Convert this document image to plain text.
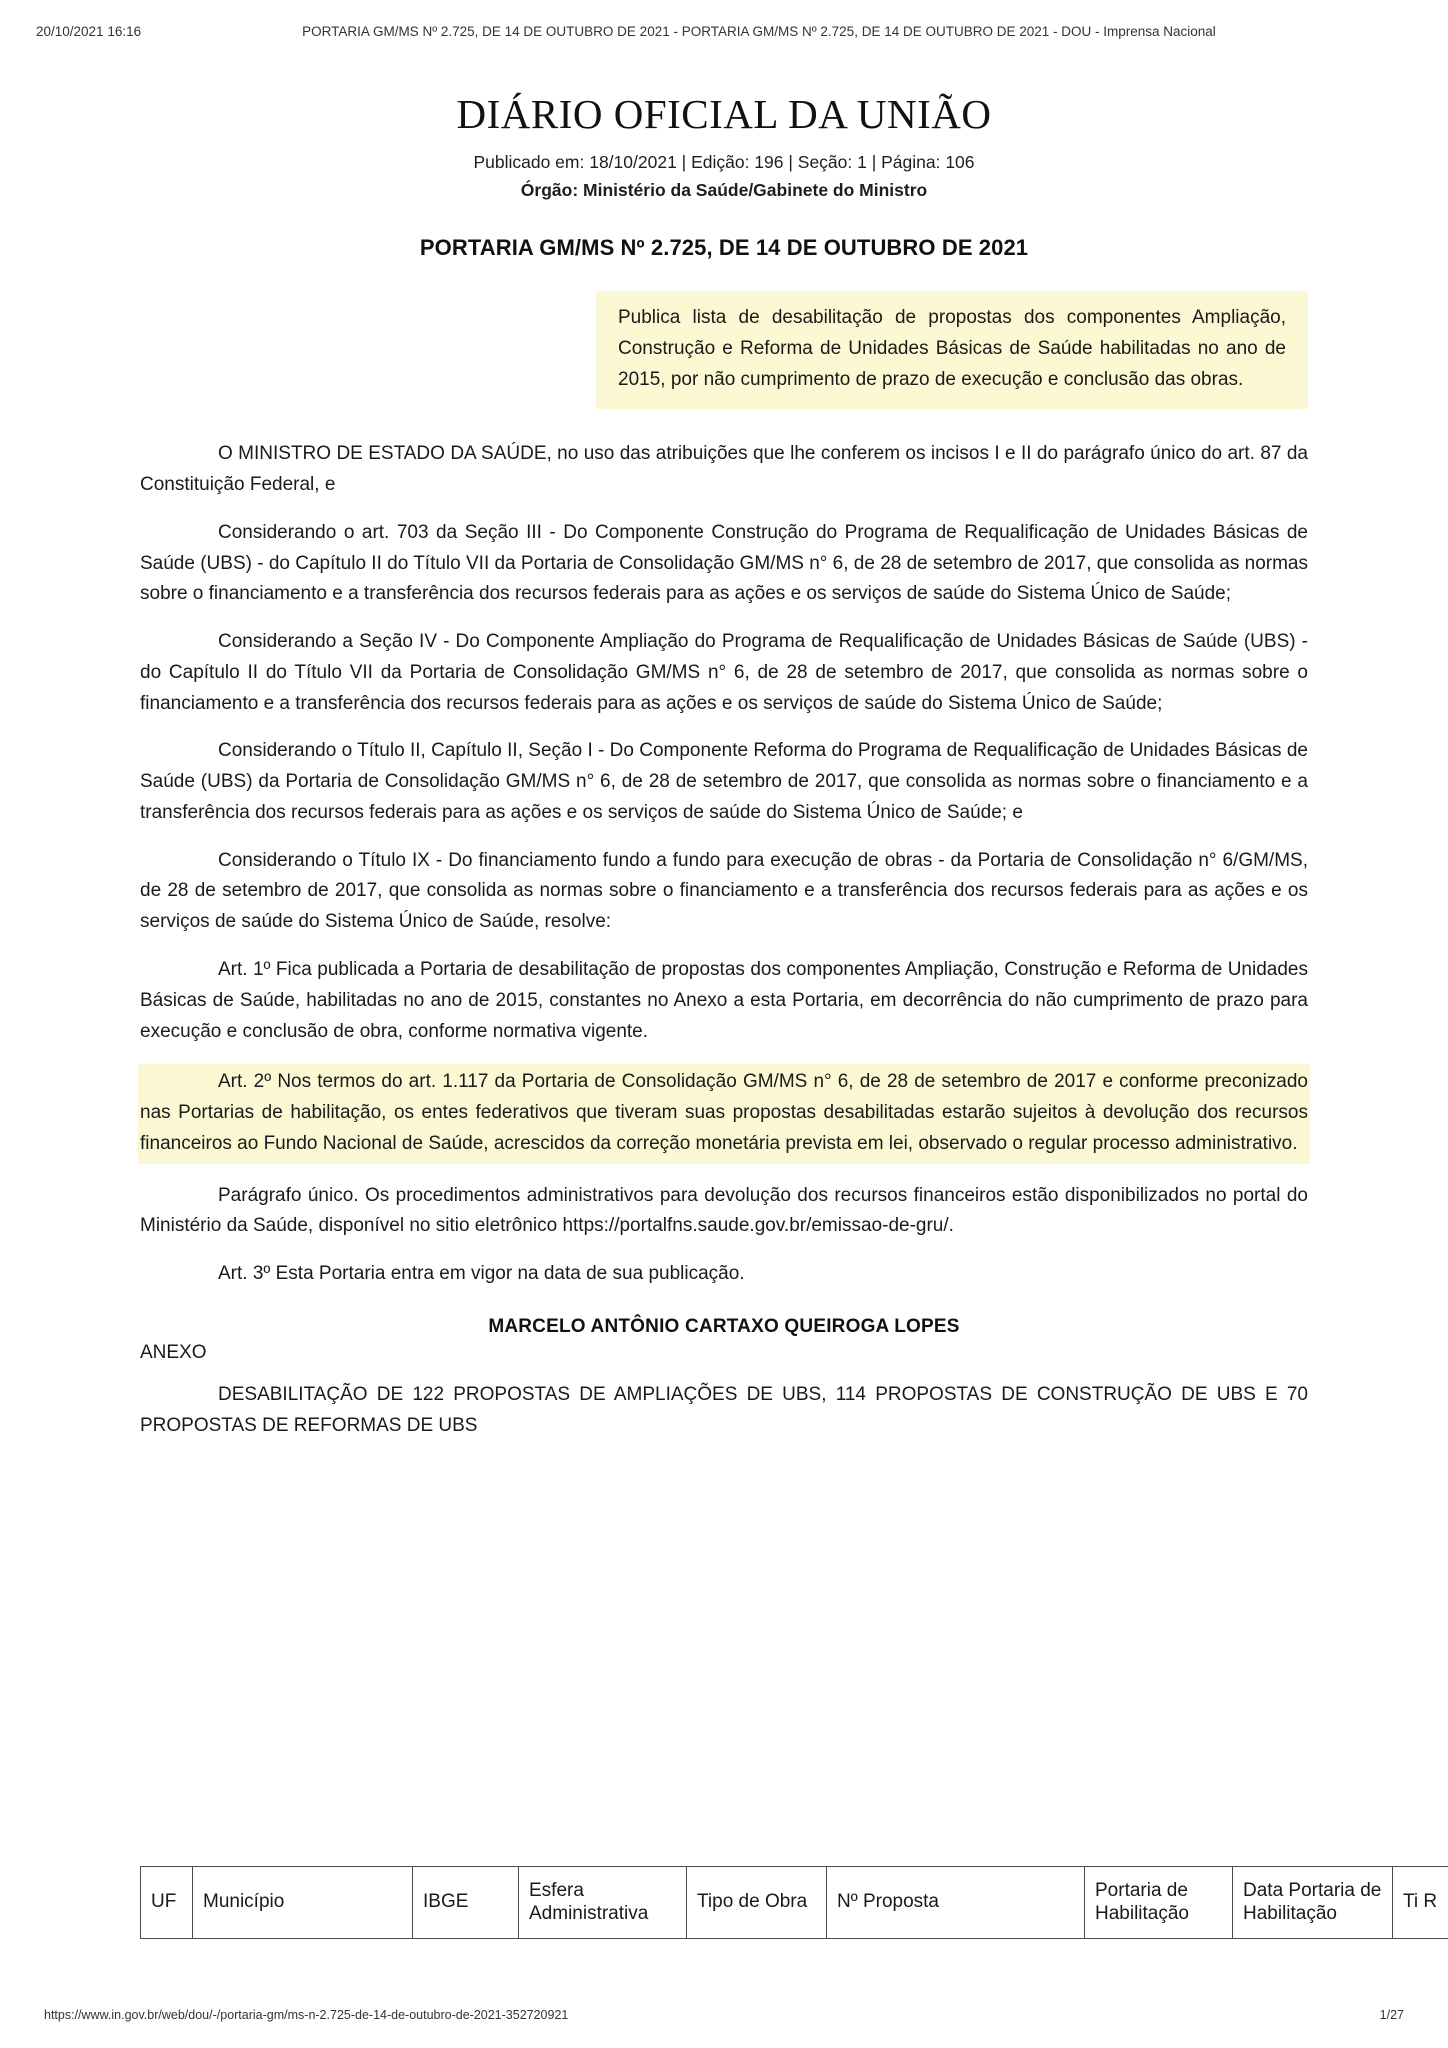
20/10/2021 16:16	PORTARIA GM/MS Nº 2.725, DE 14 DE OUTUBRO DE 2021 - PORTARIA GM/MS Nº 2.725, DE 14 DE OUTUBRO DE 2021 - DOU - Imprensa Nacional
DIÁRIO OFICIAL DA UNIÃO
Publicado em: 18/10/2021 | Edição: 196 | Seção: 1 | Página: 106
Órgão: Ministério da Saúde/Gabinete do Ministro
PORTARIA GM/MS Nº 2.725, DE 14 DE OUTUBRO DE 2021
Publica lista de desabilitação de propostas dos componentes Ampliação, Construção e Reforma de Unidades Básicas de Saúde habilitadas no ano de 2015, por não cumprimento de prazo de execução e conclusão das obras.

O MINISTRO DE ESTADO DA SAÚDE, no uso das atribuições que lhe conferem os incisos I e II do parágrafo único do art. 87 da Constituição Federal, e

Considerando o art. 703 da Seção III - Do Componente Construção do Programa de Requalificação de Unidades Básicas de Saúde (UBS) - do Capítulo II do Título VII da Portaria de Consolidação GM/MS n° 6, de 28 de setembro de 2017, que consolida as normas sobre o financiamento e a transferência dos recursos federais para as ações e os serviços de saúde do Sistema Único de Saúde;

Considerando a Seção IV - Do Componente Ampliação do Programa de Requalificação de Unidades Básicas de Saúde (UBS) - do Capítulo II do Título VII da Portaria de Consolidação GM/MS n° 6, de 28 de setembro de 2017, que consolida as normas sobre o financiamento e a transferência dos recursos federais para as ações e os serviços de saúde do Sistema Único de Saúde;

Considerando o Título II, Capítulo II, Seção I - Do Componente Reforma do Programa de Requalificação de Unidades Básicas de Saúde (UBS) da Portaria de Consolidação GM/MS n° 6, de 28 de setembro de 2017, que consolida as normas sobre o financiamento e a transferência dos recursos federais para as ações e os serviços de saúde do Sistema Único de Saúde; e

Considerando o Título IX - Do financiamento fundo a fundo para execução de obras - da Portaria de Consolidação n° 6/GM/MS, de 28 de setembro de 2017, que consolida as normas sobre o financiamento e a transferência dos recursos federais para as ações e os serviços de saúde do Sistema Único de Saúde, resolve:

Art. 1º Fica publicada a Portaria de desabilitação de propostas dos componentes Ampliação, Construção e Reforma de Unidades Básicas de Saúde, habilitadas no ano de 2015, constantes no Anexo a esta Portaria, em decorrência do não cumprimento de prazo para execução e conclusão de obra, conforme normativa vigente.

Art. 2º Nos termos do art. 1.117 da Portaria de Consolidação GM/MS n° 6, de 28 de setembro de 2017 e conforme preconizado nas Portarias de habilitação, os entes federativos que tiveram suas propostas desabilitadas estarão sujeitos à devolução dos recursos financeiros ao Fundo Nacional de Saúde, acrescidos da correção monetária prevista em lei, observado o regular processo administrativo.

Parágrafo único. Os procedimentos administrativos para devolução dos recursos financeiros estão disponibilizados no portal do Ministério da Saúde, disponível no sitio eletrônico https://portalfns.saude.gov.br/emissao-de-gru/.

Art. 3º Esta Portaria entra em vigor na data de sua publicação.

MARCELO ANTÔNIO CARTAXO QUEIROGA LOPES
ANEXO
DESABILITAÇÃO DE 122 PROPOSTAS DE AMPLIAÇÕES DE UBS, 114 PROPOSTAS DE CONSTRUÇÃO DE UBS E 70 PROPOSTAS DE REFORMAS DE UBS
UF	Município	IBGE	Esfera Administrativa	Tipo de Obra	Nº Proposta	Portaria de Habilitação	Data Portaria de Habilitação	Ti R
https://www.in.gov.br/web/dou/-/portaria-gm/ms-n-2.725-de-14-de-outubro-de-2021-352720921	1/27
